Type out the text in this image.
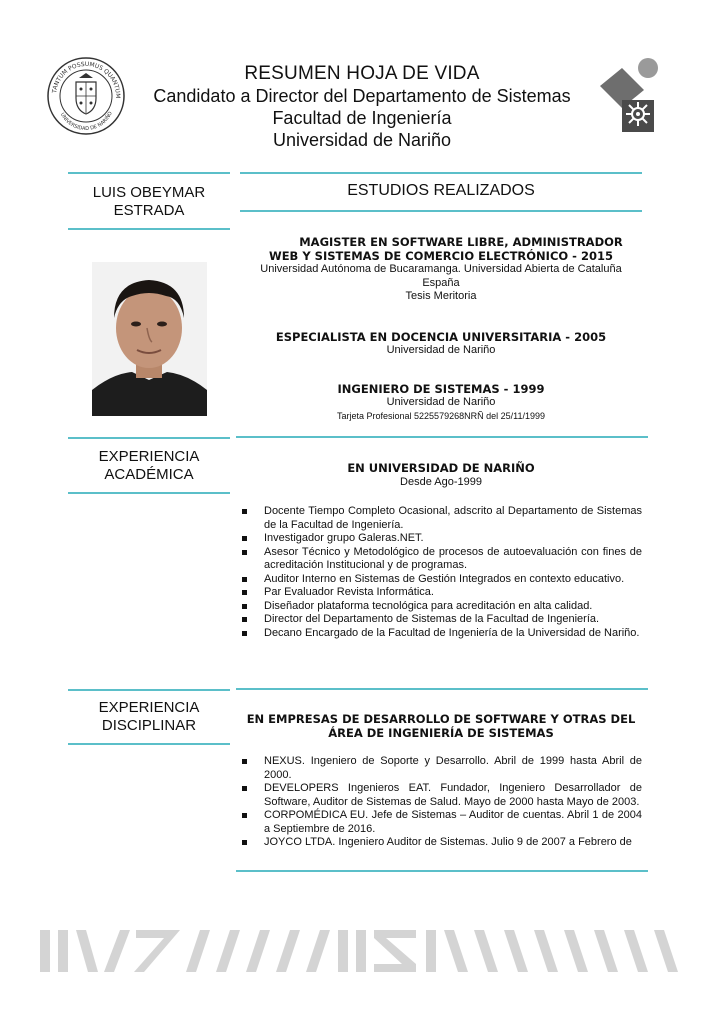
TANTUM POSSUMUS QUANTUM
UNIVERSIDAD DE NARIÑO
RESUMEN HOJA DE VIDA
Candidato a Director del Departamento de Sistemas
Facultad de Ingeniería
Universidad de Nariño
LUIS OBEYMAR
ESTRADA
ESTUDIOS REALIZADOS
MAGISTER EN SOFTWARE LIBRE, ADMINISTRADOR
WEB Y SISTEMAS DE COMERCIO ELECTRÓNICO - 2015
Universidad Autónoma de Bucaramanga. Universidad Abierta de Cataluña
España
Tesis Meritoria
ESPECIALISTA EN DOCENCIA UNIVERSITARIA - 2005
Universidad de Nariño
INGENIERO DE SISTEMAS - 1999
Universidad de Nariño
Tarjeta Profesional 5225579268NRÑ del 25/11/1999
EXPERIENCIA
ACADÉMICA	EN UNIVERSIDAD DE NARIÑO
Desde Ago-1999
Docente Tiempo Completo Ocasional, adscrito al Departamento de Sistemas de la Facultad de Ingeniería.
Investigador grupo Galeras.NET.
Asesor Técnico y Metodológico de procesos de autoevaluación con fines de acreditación Institucional y de programas.
Auditor Interno en Sistemas de Gestión Integrados en contexto educativo.
Par Evaluador Revista Informática.
Diseñador plataforma tecnológica para acreditación en alta calidad.
Director del Departamento de Sistemas de la Facultad de Ingeniería.
Decano Encargado de la Facultad de Ingeniería de la Universidad de Nariño.
EXPERIENCIA
DISCIPLINAR	EN EMPRESAS DE DESARROLLO DE SOFTWARE Y OTRAS DEL
ÁREA DE INGENIERÍA DE SISTEMAS
NEXUS. Ingeniero de Soporte y Desarrollo. Abril de 1999 hasta Abril de 2000.
DEVELOPERS Ingenieros EAT. Fundador, Ingeniero Desarrollador de Software, Auditor de Sistemas de Salud. Mayo de 2000 hasta Mayo de 2003.
CORPOMÉDICA EU. Jefe de Sistemas – Auditor de cuentas. Abril 1 de 2004 a Septiembre de 2016.
JOYCO LTDA. Ingeniero Auditor de Sistemas. Julio 9 de 2007 a Febrero de
